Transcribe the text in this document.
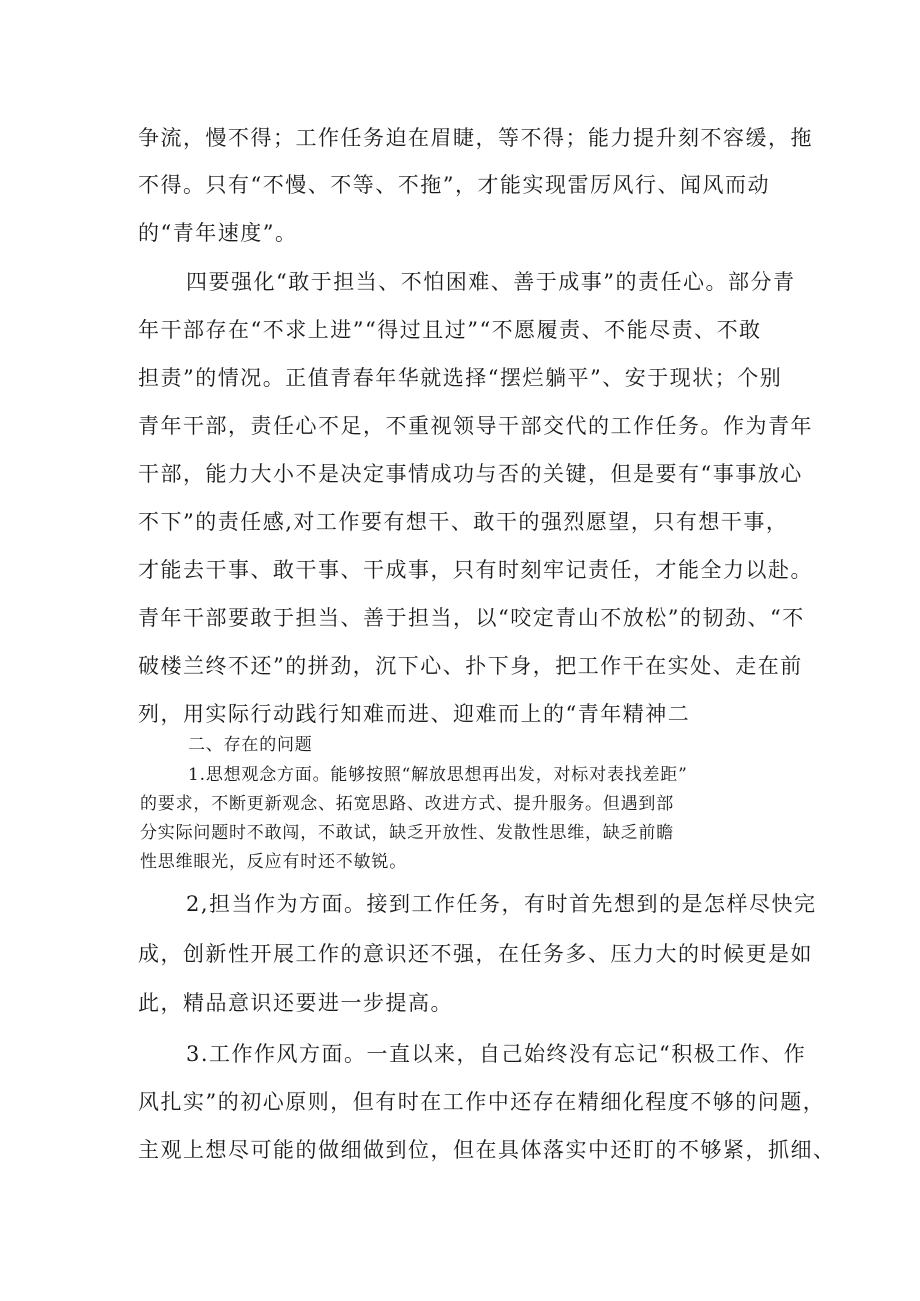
争流，慢不得；工作任务迫在眉睫，等不得；能力提升刻不容缓，拖
不得。只有“不慢、不等、不拖”，才能实现雷厉风行、闻风而动
的“青年速度”。
四要强化“敢于担当、不怕困难、善于成事”的责任心。部分青
年干部存在“不求上进”“得过且过”“不愿履责、不能尽责、不敢
担责”的情况。正值青春年华就选择“摆烂躺平”、安于现状；个别
青年干部，责任心不足，不重视领导干部交代的工作任务。作为青年
干部，能力大小不是决定事情成功与否的关键，但是要有“事事放心
不下”的责任感,对工作要有想干、敢干的强烈愿望，只有想干事，
才能去干事、敢干事、干成事，只有时刻牢记责任，才能全力以赴。
青年干部要敢于担当、善于担当，以“咬定青山不放松”的韧劲、“不
破楼兰终不还”的拼劲，沉下心、扑下身，把工作干在实处、走在前
列，用实际行动践行知难而进、迎难而上的“青年精神二
二、存在的问题
1.思想观念方面。能够按照“解放思想再出发，对标对表找差距”
的要求，不断更新观念、拓宽思路、改进方式、提升服务。但遇到部
分实际问题时不敢闯，不敢试，缺乏开放性、发散性思维，缺乏前瞻
性思维眼光，反应有时还不敏锐。
2,担当作为方面。接到工作任务，有时首先想到的是怎样尽快完
成，创新性开展工作的意识还不强，在任务多、压力大的时候更是如
此，精品意识还要进一步提高。
3.工作作风方面。一直以来，自己始终没有忘记“积极工作、作
风扎实”的初心原则，但有时在工作中还存在精细化程度不够的问题，
主观上想尽可能的做细做到位，但在具体落实中还盯的不够紧，抓细、
